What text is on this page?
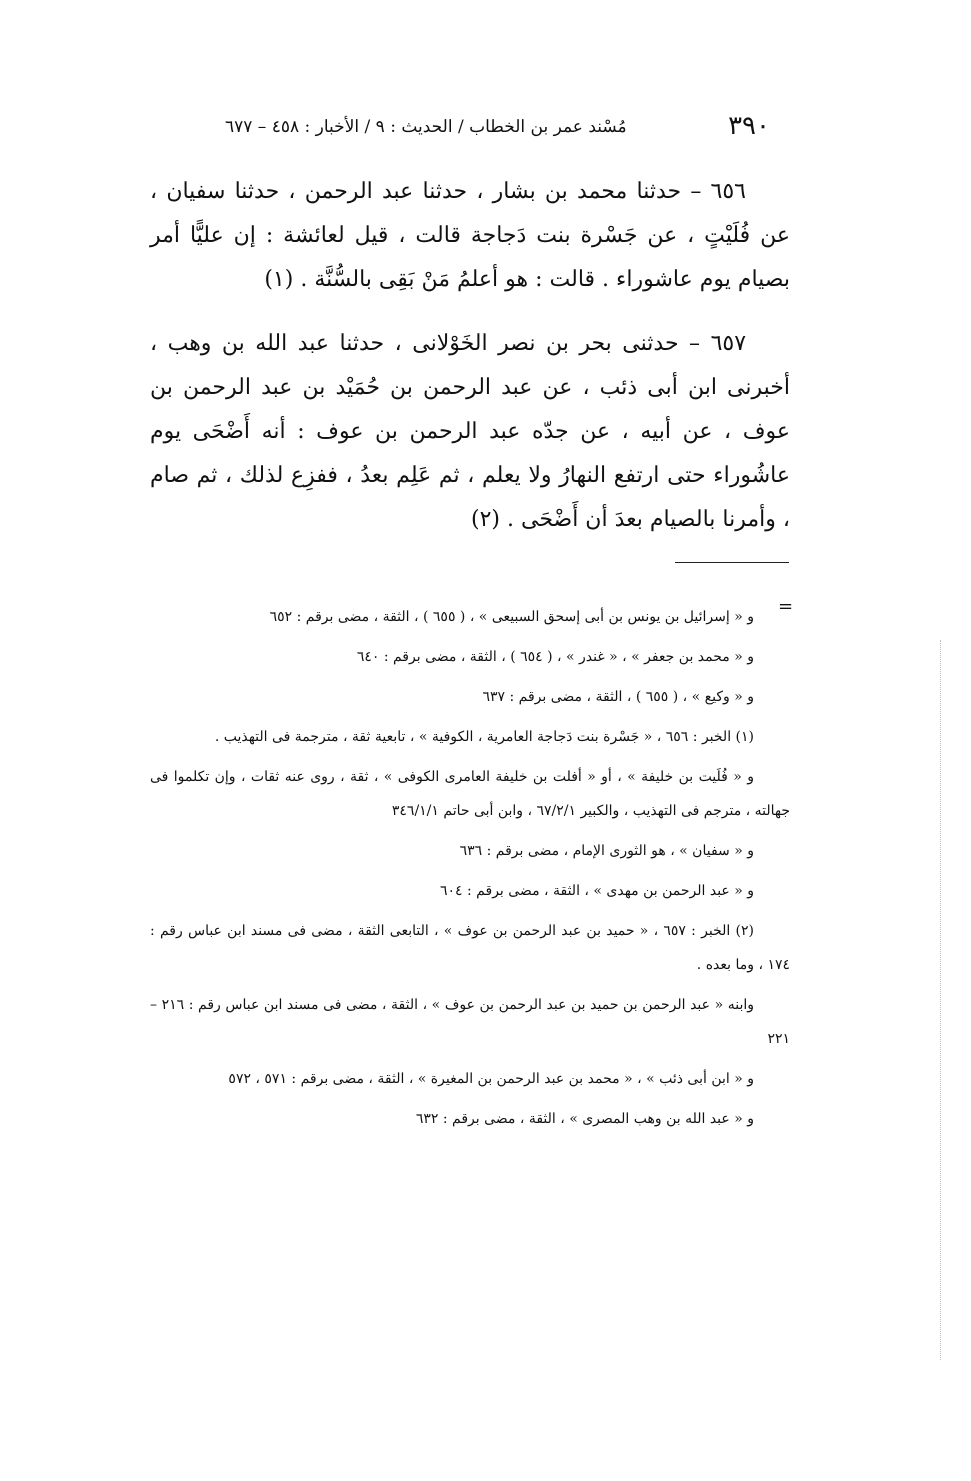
٣٩٠
مُسْند عمر بن الخطاب / الحديث : ٩ / الأخبار : ٤٥٨ – ٦٧٧

٦٥٦ – حدثنا محمد بن بشار ، حدثنا عبد الرحمن ، حدثنا سفيان ، عن فُلَيْتٍ ، عن جَسْرة بنت دَجاجة قالت ، قيل لعائشة : إن عليًّا أمر بصيام يوم عاشوراء . قالت : هو أعلمُ مَنْ بَقِى بالسُّنَّة . (١)

٦٥٧ – حدثنى بحر بن نصر الخَوْلانى ، حدثنا عبد الله بن وهب ، أخبرنى ابن أبى ذئب ، عن عبد الرحمن بن حُمَيْد بن عبد الرحمن بن عوف ، عن أبيه ، عن جدّه عبد الرحمن بن عوف : أنه أَضْحَى يوم عاشُوراء حتى ارتفع النهارُ ولا يعلم ، ثم عَلِم بعدُ ، ففزِع لذلك ، ثم صام ، وأمرنا بالصيام بعدَ أن أَضْحَى . (٢)

=

و « إسرائيل بن يونس بن أبى إسحق السبيعى » ، ( ٦٥٥ ) ، الثقة ، مضى برقم : ٦٥٢

و « محمد بن جعفر » ، « غندر » ، ( ٦٥٤ ) ، الثقة ، مضى برقم : ٦٤٠

و « وكيع » ، ( ٦٥٥ ) ، الثقة ، مضى برقم : ٦٣٧

(١) الخبر : ٦٥٦ ، « جَسْرة بنت دَجاجة العامرية ، الكوفية » ، تابعية ثقة ، مترجمة فى التهذيب .

و « فُلَيت بن خليفة » ، أو « أفلت بن خليفة العامرى الكوفى » ، ثقة ، روى عنه ثقات ، وإن تكلموا فى جهالته ، مترجم فى التهذيب ، والكبير ٦٧/٢/١ ، وابن أبى حاتم ٣٤٦/١/١

و « سفيان » ، هو الثورى الإمام ، مضى برقم : ٦٣٦

و « عبد الرحمن بن مهدى » ، الثقة ، مضى برقم : ٦٠٤

(٢) الخبر : ٦٥٧ ، « حميد بن عبد الرحمن بن عوف » ، التابعى الثقة ، مضى فى مسند ابن عباس رقم : ١٧٤ ، وما بعده .

وابنه « عبد الرحمن بن حميد بن عبد الرحمن بن عوف » ، الثقة ، مضى فى مسند ابن عباس رقم : ٢١٦ – ٢٢١

و « ابن أبى ذئب » ، « محمد بن عبد الرحمن بن المغيرة » ، الثقة ، مضى برقم : ٥٧١ ، ٥٧٢

و « عبد الله بن وهب المصرى » ، الثقة ، مضى برقم : ٦٣٢
